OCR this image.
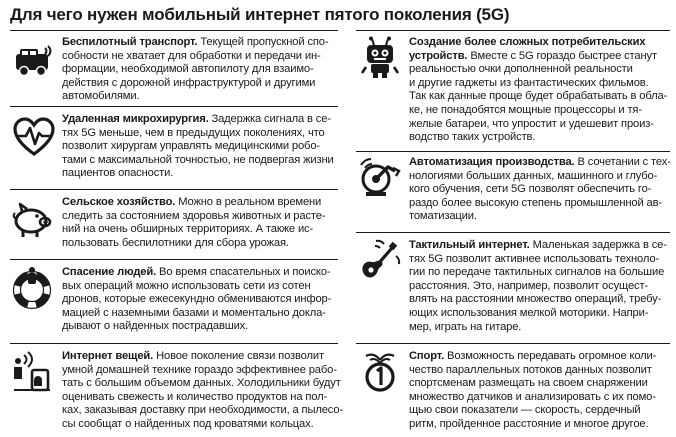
Для чего нужен мобильный интернет пятого поколения (5G)

Беспилотный транспорт. Текущей пропускной спо-
собности не хватает для обработки и передачи ин-
формации, необходимой автопилоту для взаимо-
действия с дорожной инфраструктурой и другими
автомобилями.

Удаленная микрохирургия. Задержка сигнала в се-
тях 5G меньше, чем в предыдущих поколениях, что
позволит хирургам управлять медицинскими робо-
тами с максимальной точностью, не подвергая жизни
пациентов опасности.

Сельское хозяйство. Можно в реальном времени
следить за состоянием здоровья животных и расте-
ний на очень обширных территориях. А также ис-
пользовать беспилотники для сбора урожая.

Спасение людей. Во время спасательных и поиско-
вых операций можно использовать сети из сотен
дронов, которые ежесекундно обмениваются инфор-
мацией с наземными базами и моментально докла-
дывают о найденных пострадавших.

Интернет вещей. Новое поколение связи позволит
умной домашней технике гораздо эффективнее рабо-
тать с большим объемом данных. Холодильники будут
оценивать свежесть и количество продуктов на пол-
ках, заказывая доставку при необходимости, а пылесо-
сы сообщат о найденных под кроватями кольцах.

Создание более сложных потребительских
устройств. Вместе с 5G гораздо быстрее станут
реальностью очки дополненной реальности
и другие гаджеты из фантастических фильмов.
Так как данные проще будет обрабатывать в обла-
ке, не понадобятся мощные процессоры и тя-
желые батареи, что упростит и удешевит произ-
водство таких устройств.

Автоматизация производства. В сочетании с тех-
нологиями больших данных, машинного и глубо-
кого обучения, сети 5G позволят обеспечить го-
раздо более высокую степень промышленной ав-
томатизации.

Тактильный интернет. Маленькая задержка в се-
тях 5G позволит активнее использовать техноло-
гии по передаче тактильных сигналов на большие
расстояния. Это, например, позволит осущест-
влять на расстоянии множество операций, требу-
ющих использования мелкой моторики. Напри-
мер, играть на гитаре.

Спорт. Возможность передавать огромное коли-
чество параллельных потоков данных позволит
спортсменам размещать на своем снаряжении
множество датчиков и анализировать с их помо-
щью свои показатели — скорость, сердечный
ритм, пройденное расстояние и многое другое.
